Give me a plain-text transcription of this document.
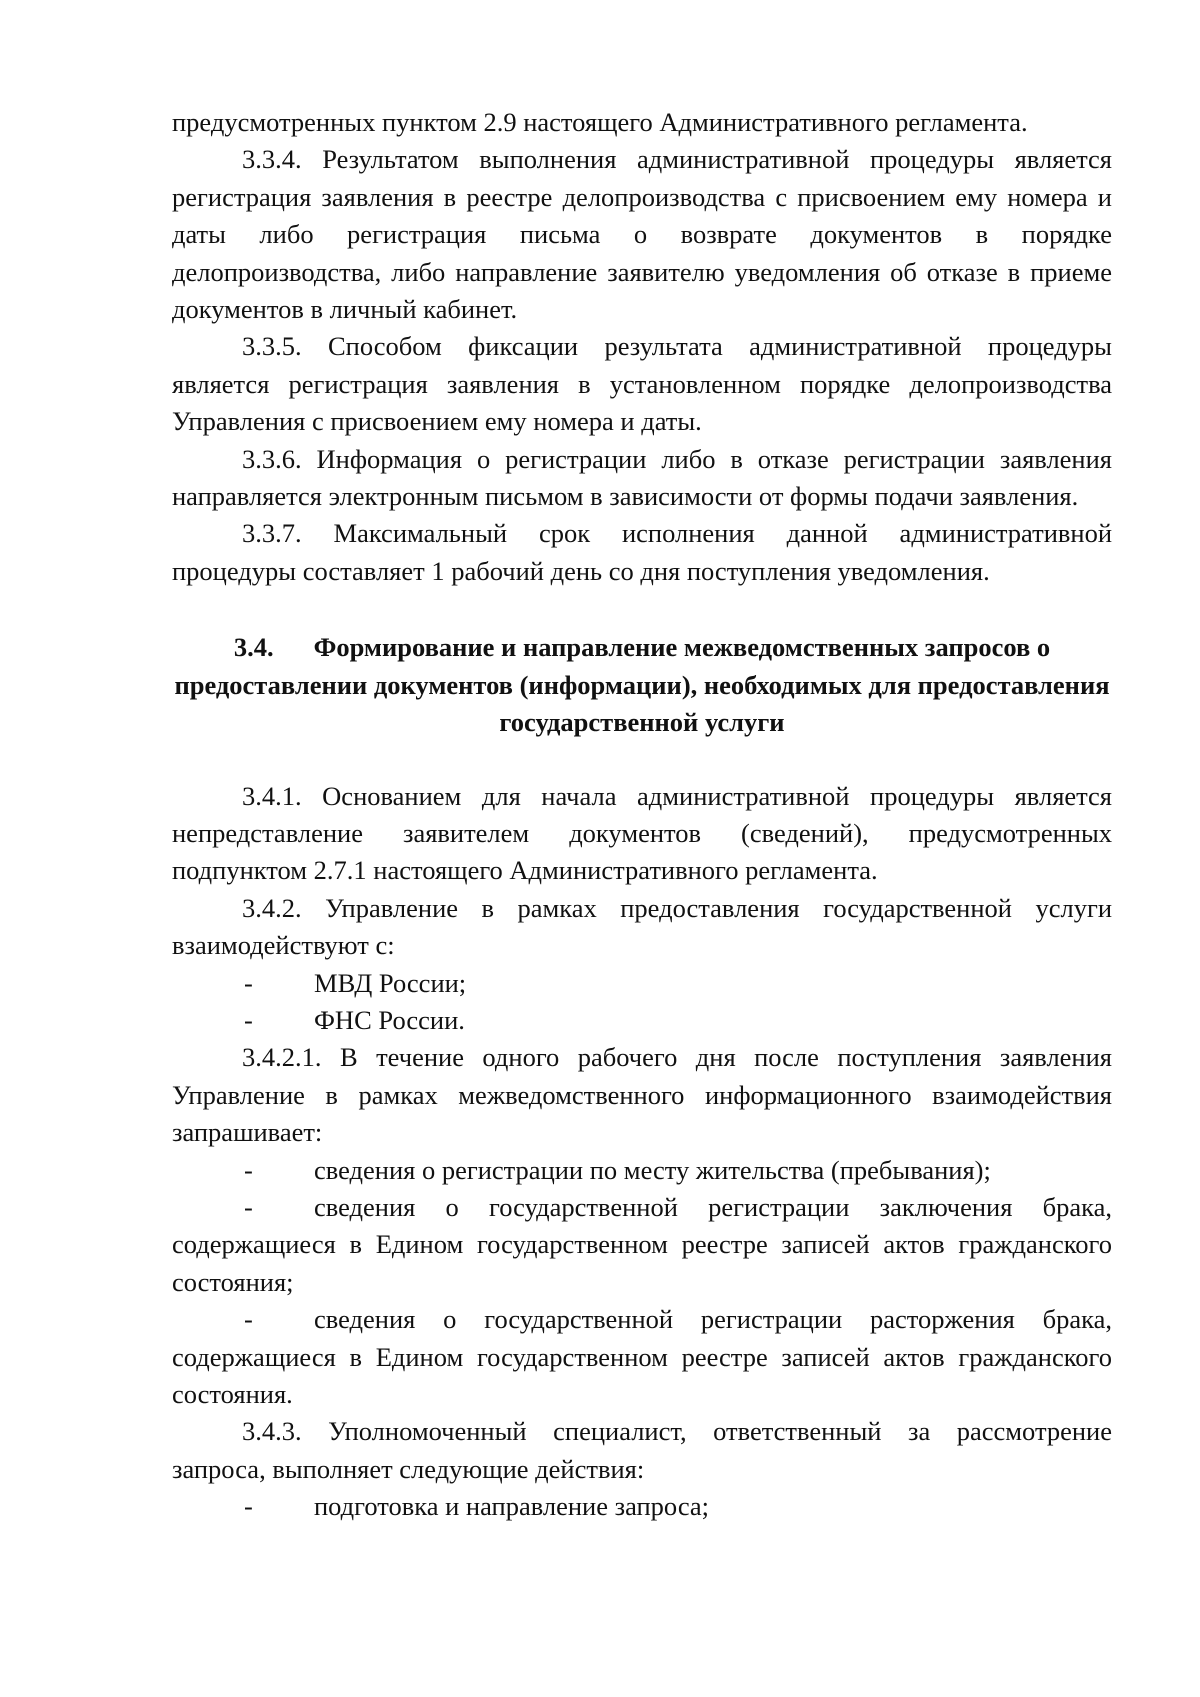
предусмотренных пунктом 2.9 настоящего Административного регламента.

3.3.4. Результатом выполнения административной процедуры является регистрация заявления в реестре делопроизводства с присвоением ему номера и даты либо регистрация письма о возврате документов в порядке делопроизводства, либо направление заявителю уведомления об отказе в приеме документов в личный кабинет.

3.3.5. Способом фиксации результата административной процедуры является регистрация заявления в установленном порядке делопроизводства Управления с присвоением ему номера и даты.

3.3.6. Информация о регистрации либо в отказе регистрации заявления направляется электронным письмом в зависимости от формы подачи заявления.

3.3.7. Максимальный срок исполнения данной административной процедуры составляет 1 рабочий день со дня поступления уведомления.

3.4. Формирование и направление межведомственных запросов о предоставлении документов (информации), необходимых для предоставления государственной услуги

3.4.1. Основанием для начала административной процедуры является непредставление заявителем документов (сведений), предусмотренных подпунктом 2.7.1 настоящего Административного регламента.

3.4.2. Управление в рамках предоставления государственной услуги взаимодействуют с:

- МВД России;

- ФНС России.

3.4.2.1. В течение одного рабочего дня после поступления заявления Управление в рамках межведомственного информационного взаимодействия запрашивает:

- сведения о регистрации по месту жительства (пребывания);

- сведения о государственной регистрации заключения брака, содержащиеся в Едином государственном реестре записей актов гражданского состояния;

- сведения о государственной регистрации расторжения брака, содержащиеся в Едином государственном реестре записей актов гражданского состояния.

3.4.3. Уполномоченный специалист, ответственный за рассмотрение запроса, выполняет следующие действия:

- подготовка и направление запроса;
